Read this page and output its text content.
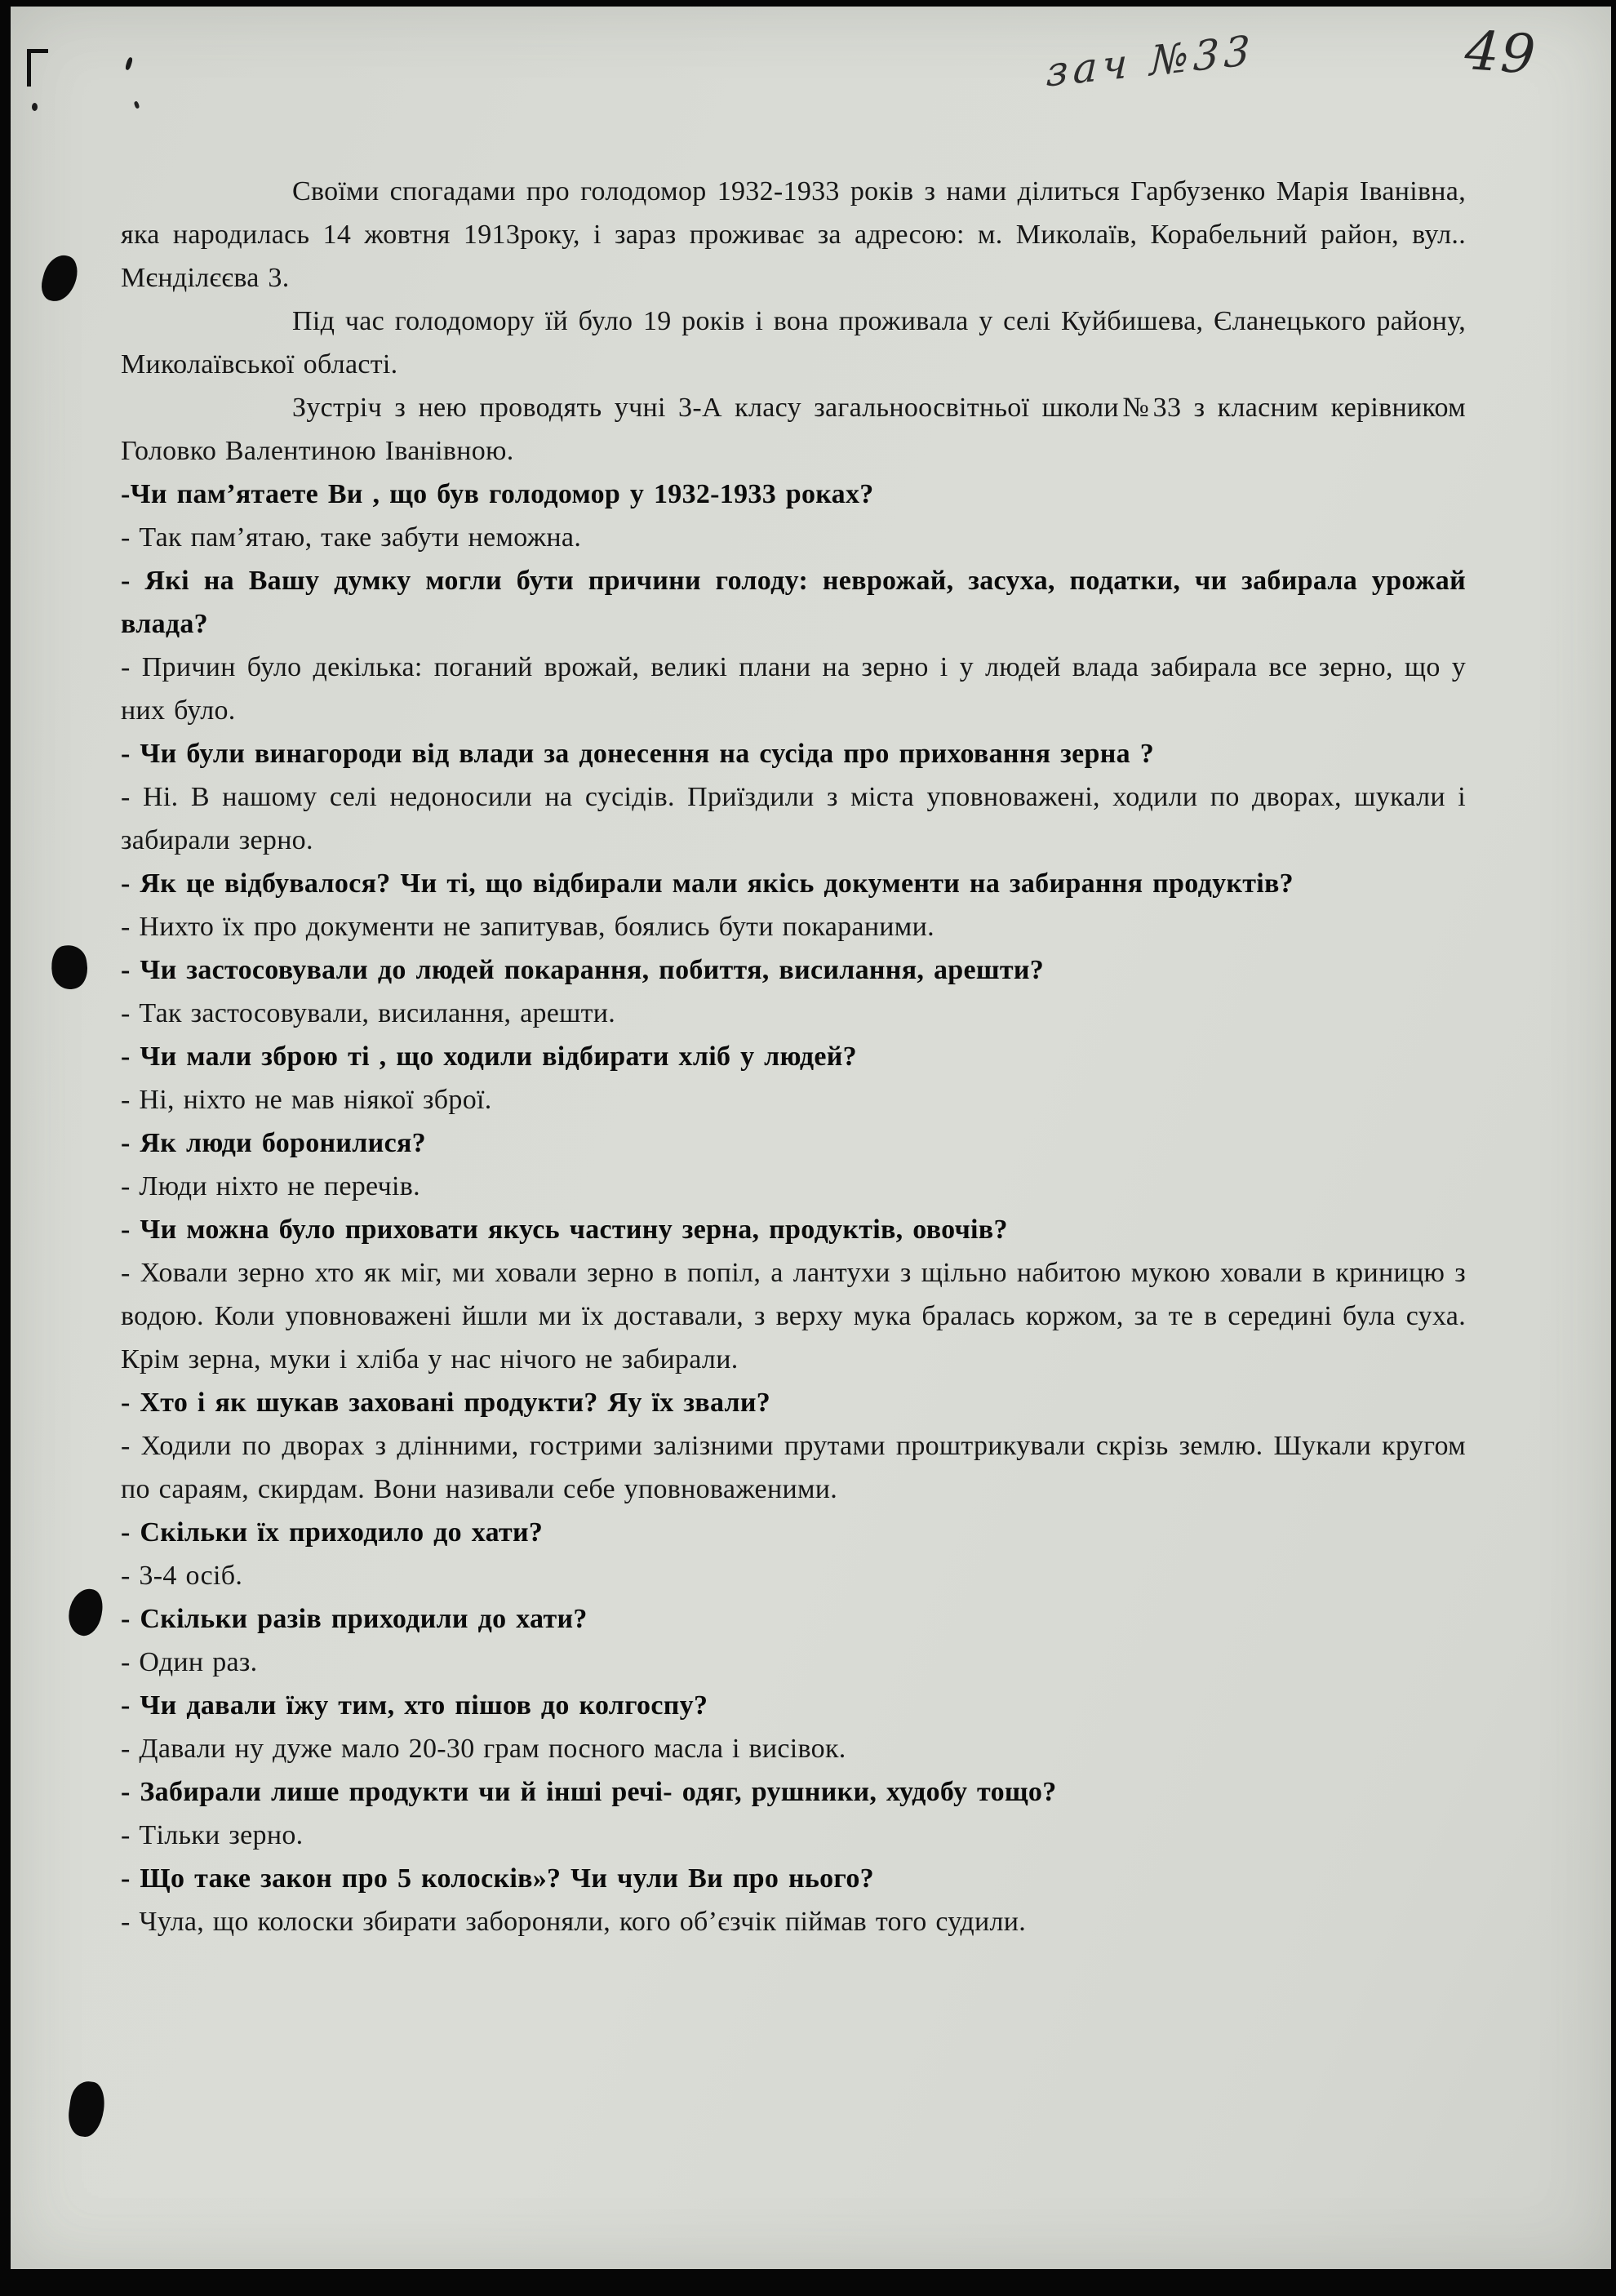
зач №33	49

Своїми спогадами про голодомор 1932-1933 років з нами ділиться Гарбузенко Марія Іванівна, яка народилась 14 жовтня 1913року, і зараз проживає за адресою: м. Миколаїв, Корабельний район, вул.. Мєнділєєва 3.

Під час голодомору їй було 19 років і вона проживала у селі Куйбишева, Єланецького району, Миколаївської області.

Зустріч з нею проводять учні 3-А класу загальноосвітньої школи№33 з класним керівником Головко Валентиною Іванівною.

-Чи пам’ятаете Ви , що був голодомор у 1932-1933 роках?

- Так пам’ятаю, таке забути неможна.

- Які на Вашу думку могли бути причини голоду: неврожай, засуха, податки, чи забирала урожай влада?

- Причин було декілька: поганий врожай, великі плани на зерно і у людей влада забирала все зерно, що у них було.

- Чи були винагороди від влади за донесення на сусіда про приховання зерна ?

- Ні. В нашому селі недоносили на сусідів. Приїздили з міста уповноважені, ходили по дворах, шукали і забирали зерно.

- Як це відбувалося? Чи ті, що відбирали мали якісь документи на забирання продуктів?

- Нихто їх про документи не запитував, боялись бути покараними.

- Чи застосовували до людей покарання, побиття, висилання, арешти?

- Так застосовували, висилання, арешти.

- Чи мали зброю ті , що ходили відбирати хліб у людей?

- Ні, ніхто не мав ніякої зброї.

- Як люди боронилися?

- Люди ніхто не перечів.

- Чи можна було приховати якусь частину зерна, продуктів, овочів?

- Ховали зерно хто як міг, ми ховали зерно в попіл, а лантухи з щільно набитою мукою ховали в криницю з водою. Коли уповноважені йшли ми їх доставали, з верху мука бралась коржом, за те в середині була суха. Крім зерна, муки і хліба у нас нічого не забирали.

- Хто і як шукав заховані продукти? Яу їх звали?

- Ходили по дворах з длінними, гострими залізними прутами проштрикували скрізь землю. Шукали кругом по сараям, скирдам. Вони називали себе уповноваженими.

- Скільки їх приходило до хати?

- 3-4 осіб.

- Скільки разів приходили до хати?

- Один раз.

- Чи давали їжу тим, хто пішов до колгоспу?

- Давали ну дуже мало 20-30 грам посного масла і висівок.

- Забирали лише продукти чи й інші речі- одяг, рушники, худобу тощо?

- Тільки зерно.

- Що таке закон про 5 колосків»? Чи чули Ви про нього?

- Чула, що колоски збирати забороняли, кого об’єзчік піймав того судили.
